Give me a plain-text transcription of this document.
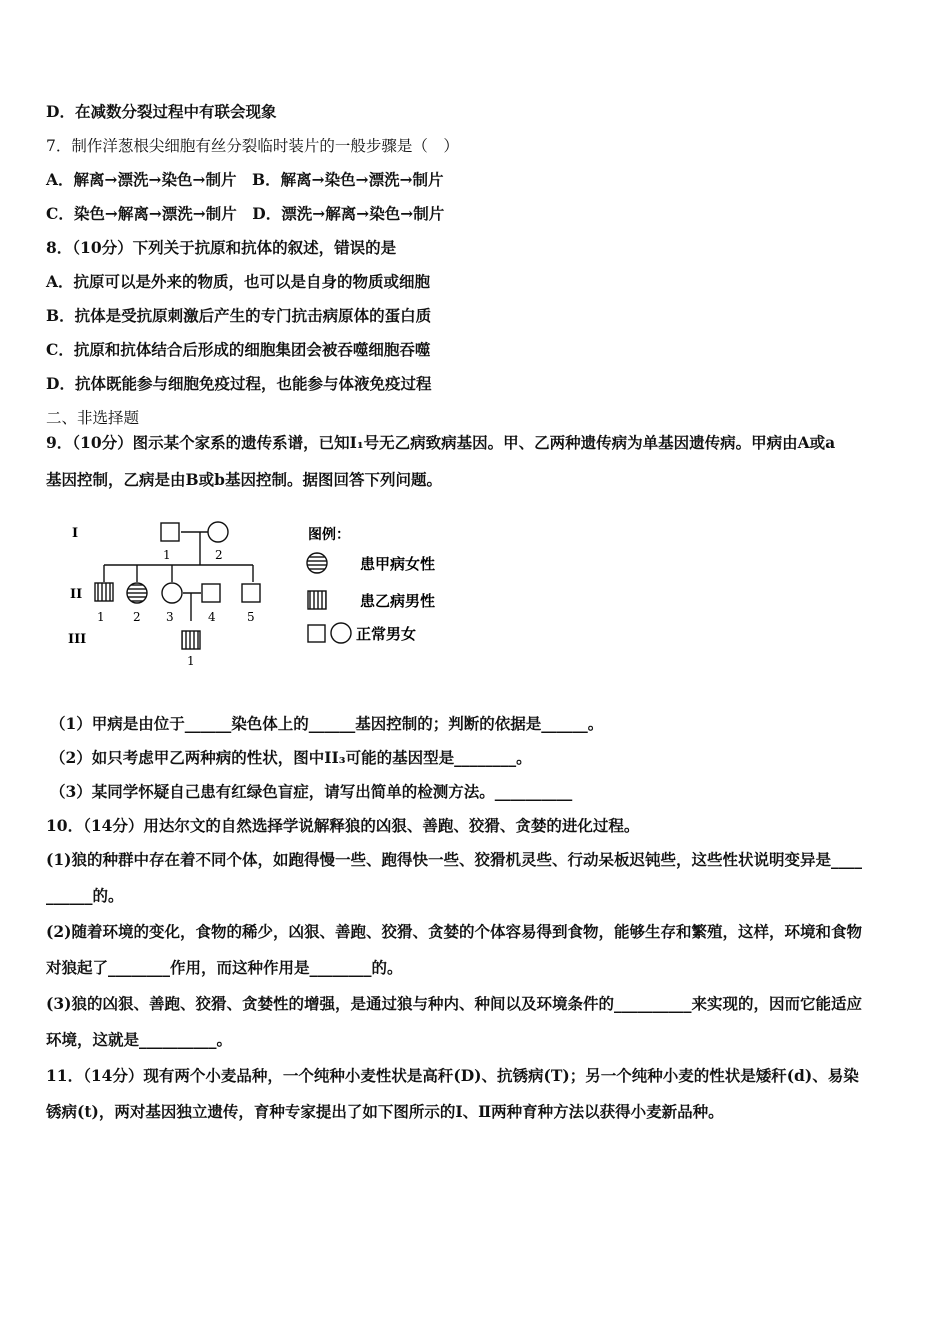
D．在减数分裂过程中有联会现象
7．制作洋葱根尖细胞有丝分裂临时装片的一般步骤是（　）
A．解离→漂洗→染色→制片　B．解离→染色→漂洗→制片
C．染色→解离→漂洗→制片　D．漂洗→解离→染色→制片
8．（10分）下列关于抗原和抗体的叙述，错误的是
A．抗原可以是外来的物质，也可以是自身的物质或细胞
B．抗体是受抗原刺激后产生的专门抗击病原体的蛋白质
C．抗原和抗体结合后形成的细胞集团会被吞噬细胞吞噬
D．抗体既能参与细胞免疫过程，也能参与体液免疫过程
二、非选择题
9．（10分）图示某个家系的遗传系谱，已知Ⅰ₁号无乙病致病基因。甲、乙两种遗传病为单基因遗传病。甲病由A或a
基因控制，乙病是由B或b基因控制。据图回答下列问题。
I
II
III
1	2
1 2 3	4	5
1
图例：
患甲病女性
患乙病男性
正常男女
（1）甲病是由位于______染色体上的______基因控制的；判断的依据是______。
（2）如只考虑甲乙两种病的性状，图中II₃可能的基因型是________。
（3）某同学怀疑自己患有红绿色盲症，请写出简单的检测方法。__________
10．（14分）用达尔文的自然选择学说解释狼的凶狠、善跑、狡猾、贪婪的进化过程。
(1)狼的种群中存在着不同个体，如跑得慢一些、跑得快一些、狡猾机灵些、行动呆板迟钝些，这些性状说明变异是____
______的。
(2)随着环境的变化，食物的稀少，凶狠、善跑、狡猾、贪婪的个体容易得到食物，能够生存和繁殖，这样，环境和食物
对狼起了________作用，而这种作用是________的。
(3)狼的凶狠、善跑、狡猾、贪婪性的增强，是通过狼与种内、种间以及环境条件的__________来实现的，因而它能适应
环境，这就是__________。
11．（14分）现有两个小麦品种，一个纯种小麦性状是高秆(D)、抗锈病(T)；另一个纯种小麦的性状是矮秆(d)、易染
锈病(t)，两对基因独立遗传，育种专家提出了如下图所示的Ⅰ、Ⅱ两种育种方法以获得小麦新品种。
